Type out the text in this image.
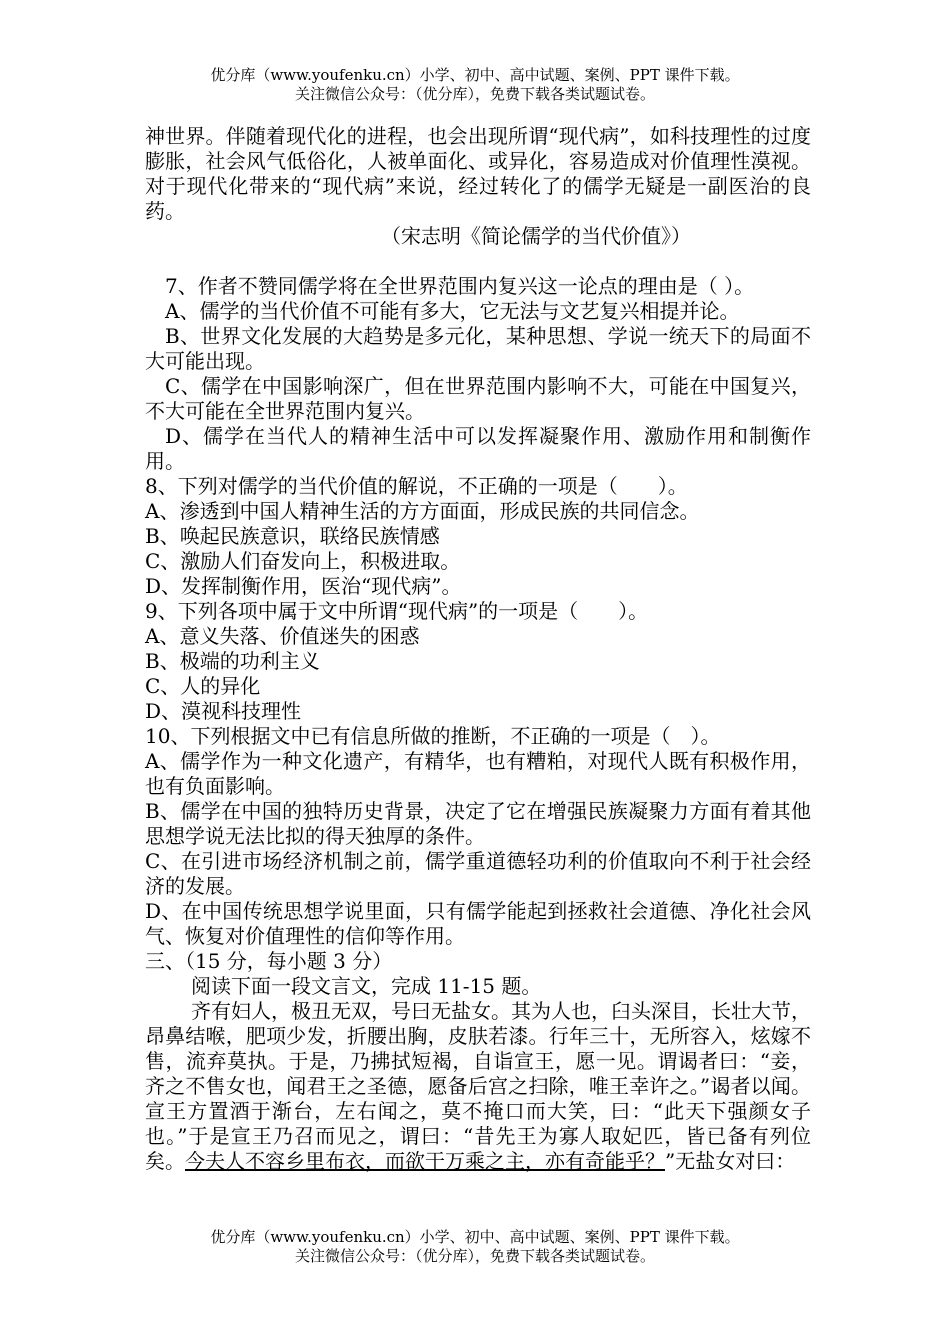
优分库（www.youfenku.cn）小学、初中、高中试题、案例、PPT 课件下载。
关注微信公众号：（优分库），免费下载各类试题试卷。

神世界。伴随着现代化的进程，也会出现所谓“现代病”，如科技理性的过度膨胀，社会风气低俗化，人被单面化、或异化，容易造成对价值理性漠视。对于现代化带来的“现代病”来说，经过转化了的儒学无疑是一副医治的良药。

（宋志明《简论儒学的当代价值》）

7、作者不赞同儒学将在全世界范围内复兴这一论点的理由是（ ）。

A、儒学的当代价值不可能有多大，它无法与文艺复兴相提并论。

B、世界文化发展的大趋势是多元化，某种思想、学说一统天下的局面不大可能出现。

C、儒学在中国影响深广，但在世界范围内影响不大，可能在中国复兴，不大可能在全世界范围内复兴。

D、儒学在当代人的精神生活中可以发挥凝聚作用、激励作用和制衡作用。

8、下列对儒学的当代价值的解说，不正确的一项是（　　）。

A、渗透到中国人精神生活的方方面面，形成民族的共同信念。

B、唤起民族意识，联络民族情感

C、激励人们奋发向上，积极进取。

D、发挥制衡作用，医治“现代病”。

9、下列各项中属于文中所谓“现代病”的一项是（　　）。

A、意义失落、价值迷失的困惑

B、极端的功利主义

C、人的异化

D、漠视科技理性

10、下列根据文中已有信息所做的推断，不正确的一项是（　）。

A、儒学作为一种文化遗产，有精华，也有糟粕，对现代人既有积极作用，也有负面影响。

B、儒学在中国的独特历史背景，决定了它在增强民族凝聚力方面有着其他思想学说无法比拟的得天独厚的条件。

C、在引进市场经济机制之前，儒学重道德轻功利的价值取向不利于社会经济的发展。

D、在中国传统思想学说里面，只有儒学能起到拯救社会道德、净化社会风气、恢复对价值理性的信仰等作用。

三、（15 分，每小题 3 分）

阅读下面一段文言文，完成 11-15 题。

齐有妇人，极丑无双，号曰无盐女。其为人也，臼头深目，长壮大节，昂鼻结喉，肥项少发，折腰出胸，皮肤若漆。行年三十，无所容入，炫嫁不售，流弃莫执。于是，乃拂拭短褐，自诣宣王，愿一见。谓谒者曰：“妾，齐之不售女也，闻君王之圣德，愿备后宫之扫除，唯王幸许之。”谒者以闻。宣王方置酒于渐台，左右闻之，莫不掩口而大笑，曰：“此天下强颜女子也。”于是宣王乃召而见之，谓曰：“昔先王为寡人取妃匹，皆已备有列位矣。今夫人不容乡里布衣，而欲干万乘之主，亦有奇能乎？”无盐女对曰：

优分库（www.youfenku.cn）小学、初中、高中试题、案例、PPT 课件下载。
关注微信公众号：（优分库），免费下载各类试题试卷。
